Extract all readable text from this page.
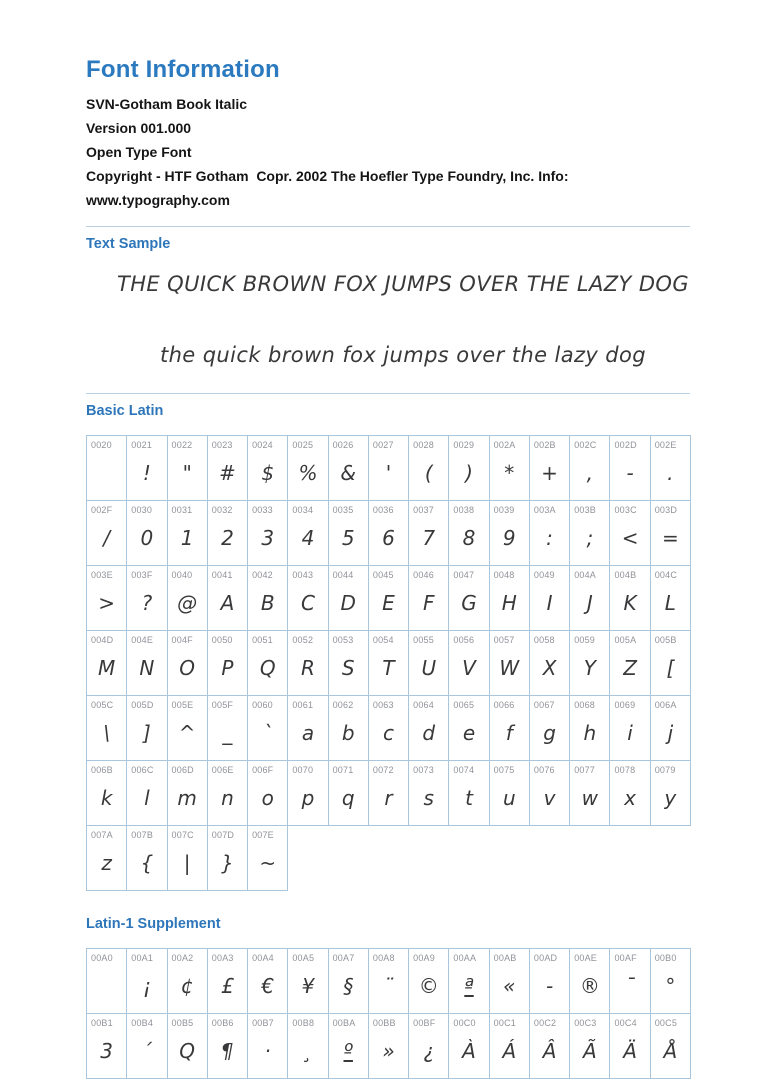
Font Information
SVN-Gotham Book Italic
Version 001.000
Open Type Font
Copyright - HTF Gotham  Copr. 2002 The Hoefler Type Foundry, Inc. Info:
www.typography.com
Text Sample
THE QUICK BROWN FOX JUMPS OVER THE LAZY DOG
the quick brown fox jumps over the lazy dog
Basic Latin
0020	0021
!
0022
"
0023
#
0024
$
0025
%
0026
&
0027
'
0028
(
0029
)
002A
*
002B
+
002C
,
002D
-
002E
.
002F
/
0030
0
0031
1
0032
2
0033
3
0034
4
0035
5
0036
6
0037
7
0038
8
0039
9
003A
:
003B
;
003C
<
003D
=
003E
>
003F
?
0040
@
0041
A
0042
B
0043
C
0044
D
0045
E
0046
F
0047
G
0048
H
0049
I
004A
J
004B
K
004C
L
004D
M
004E
N
004F
O
0050
P
0051
Q
0052
R
0053
S
0054
T
0055
U
0056
V
0057
W
0058
X
0059
Y
005A
Z
005B
[
005C
\
005D
]
005E
^
005F
_
0060
`
0061
a
0062
b
0063
c
0064
d
0065
e
0066
f
0067
g
0068
h
0069
i
006A
j
006B
k
006C
l
006D
m
006E
n
006F
o
0070
p
0071
q
0072
r
0073
s
0074
t
0075
u
0076
v
0077
w
0078
x
0079
y
007A
z
007B
{
007C
|
007D
}
007E
~
Latin-1 Supplement
00A0	00A1
¡
00A2
¢
00A3
£
00A4
€
00A5
¥
00A7
§
00A8
¨
00A9
©
00AA
ª
00AB
«
00AD
-
00AE
®
00AF
¯
00B0
°
00B1
3
00B4
´
00B5
Q
00B6
¶
00B7
·
00B8
¸
00BA
º
00BB
»
00BF
¿
00C0
À
00C1
Á
00C2
Â
00C3
Ã
00C4
Ä
00C5
Å
